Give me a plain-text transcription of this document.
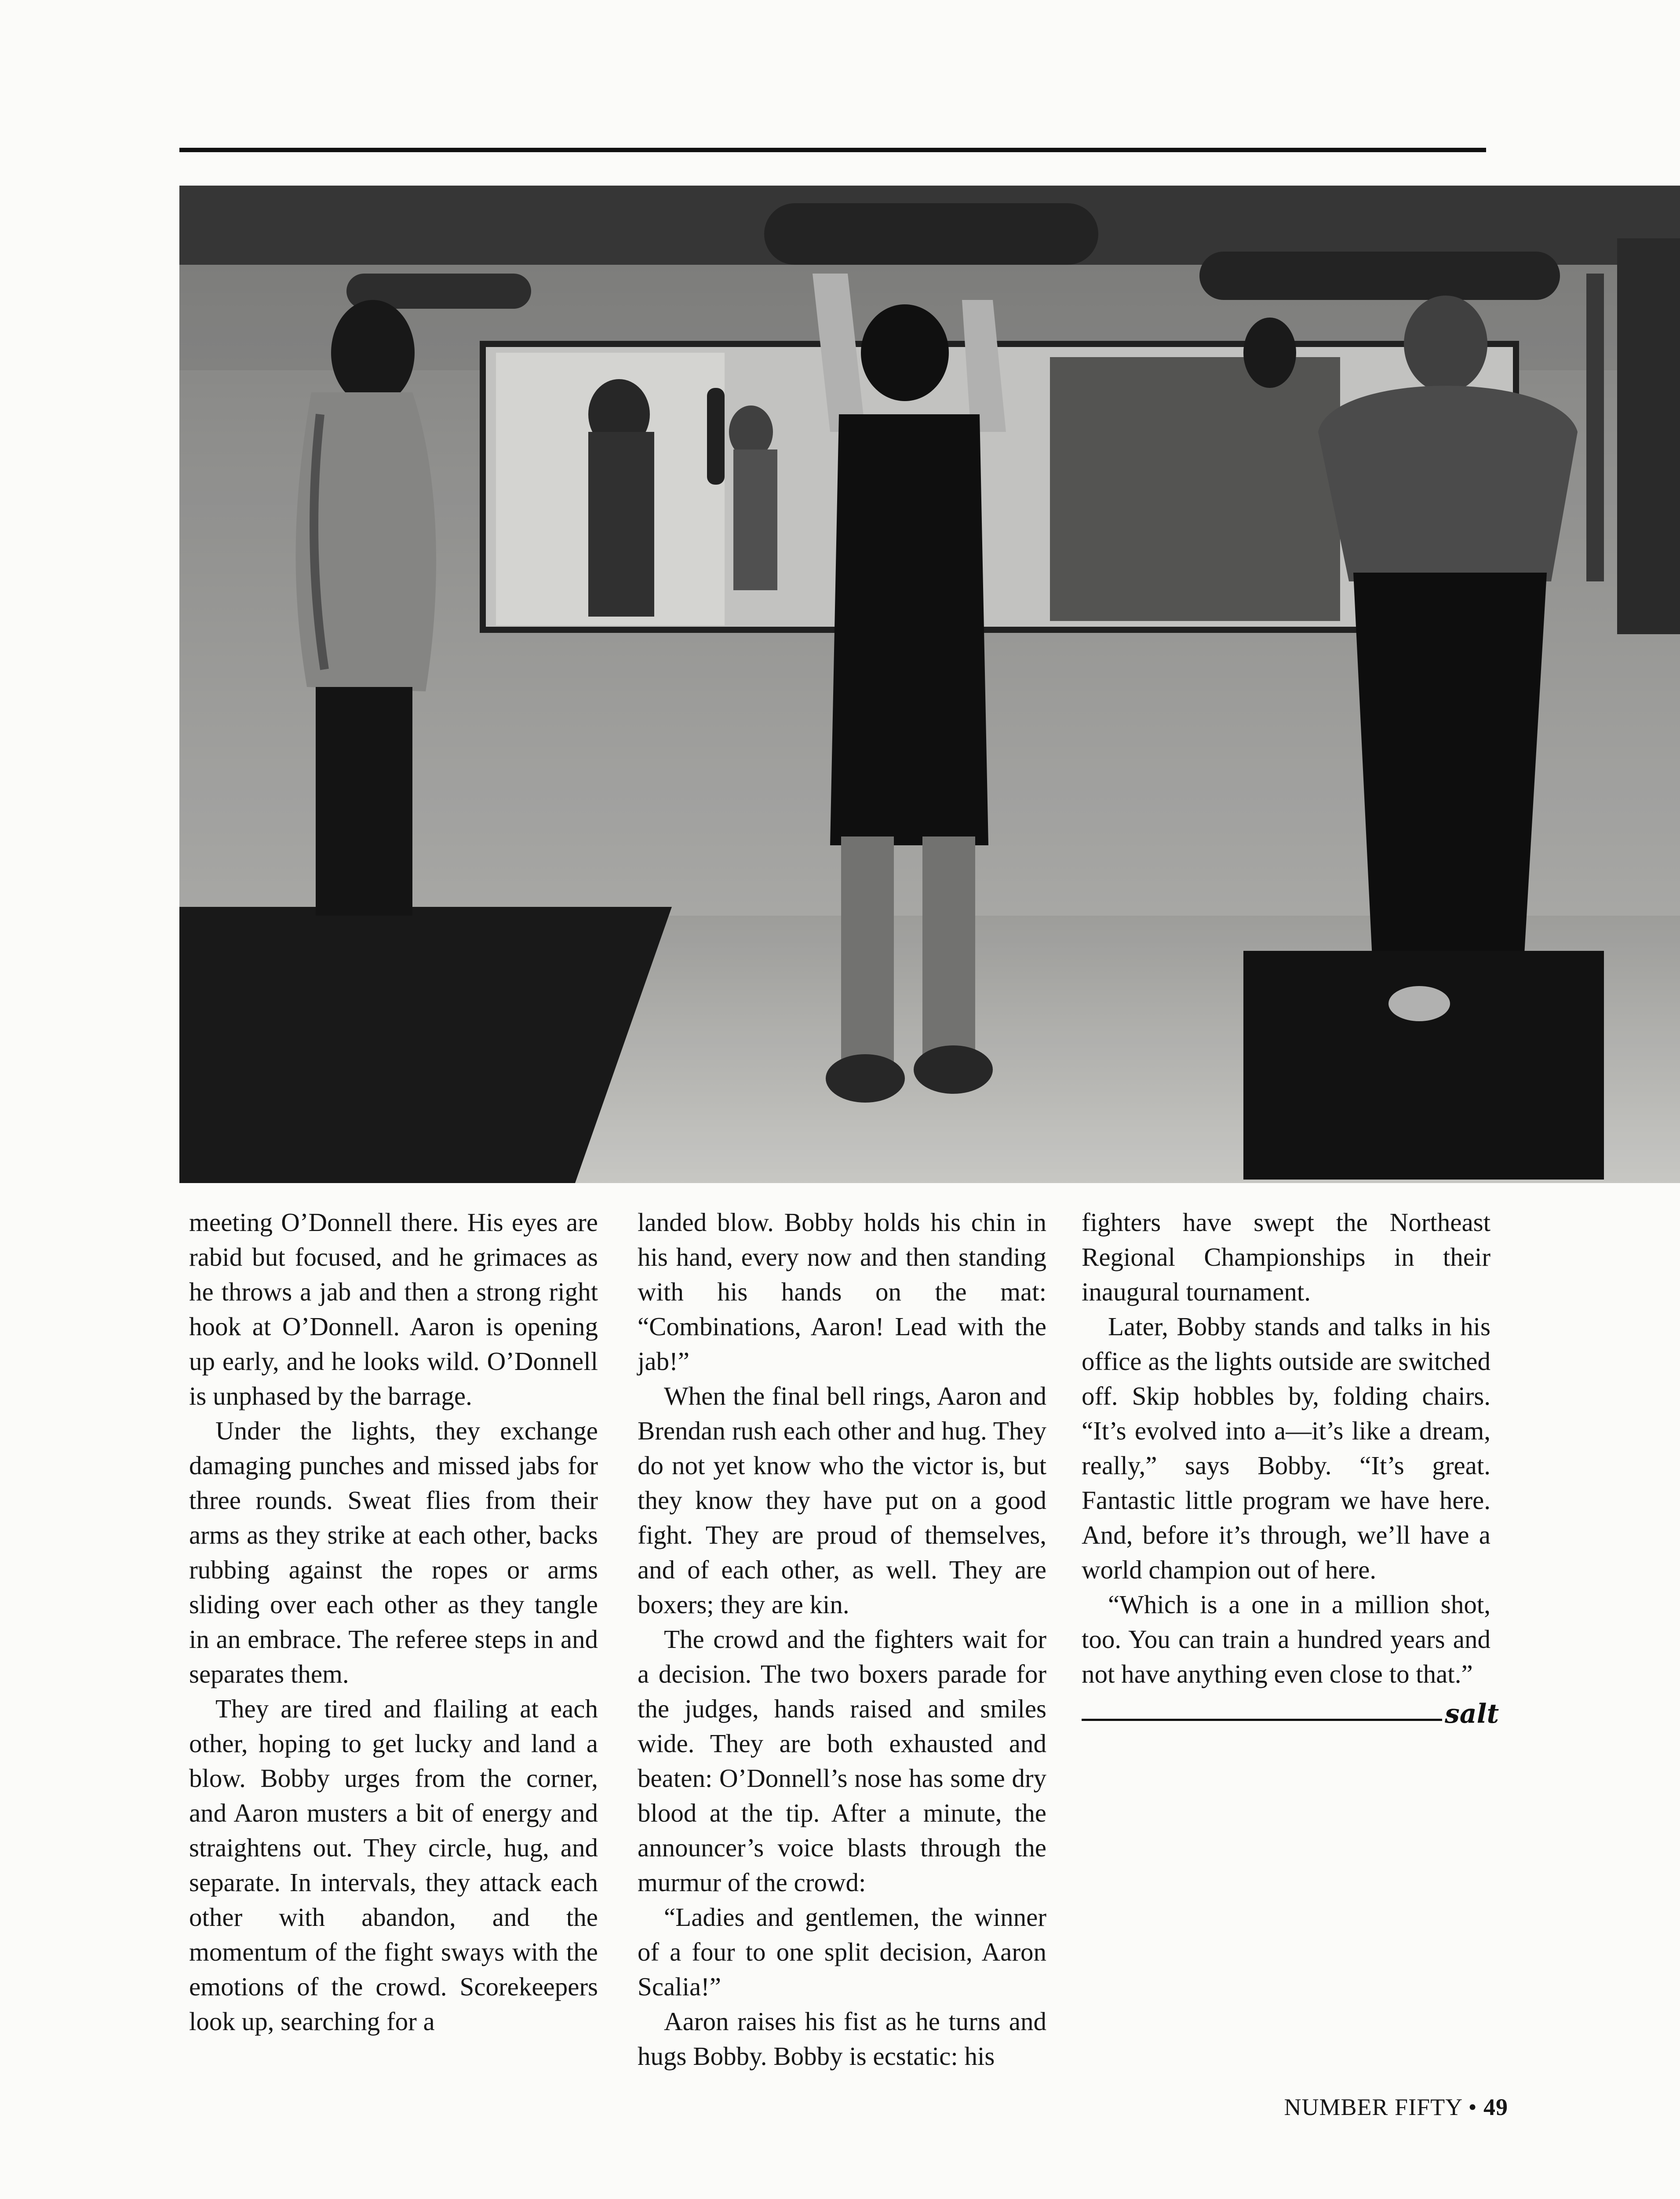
meeting O’Donnell there. His eyes are rabid but focused, and he grimaces as he throws a jab and then a strong right hook at O’Donnell. Aaron is opening up early, and he looks wild. O’Donnell is unphased by the barrage.

Under the lights, they exchange damaging punches and missed jabs for three rounds. Sweat flies from their arms as they strike at each other, backs rubbing against the ropes or arms sliding over each other as they tangle in an embrace. The referee steps in and separates them.

They are tired and flailing at each other, hoping to get lucky and land a blow. Bobby urges from the corner, and Aaron musters a bit of energy and straightens out. They circle, hug, and separate. In intervals, they attack each other with abandon, and the momentum of the fight sways with the emotions of the crowd. Scorekeepers look up, searching for a

landed blow. Bobby holds his chin in his hand, every now and then standing with his hands on the mat: “Combinations, Aaron! Lead with the jab!”

When the final bell rings, Aaron and Brendan rush each other and hug. They do not yet know who the victor is, but they know they have put on a good fight. They are proud of themselves, and of each other, as well. They are boxers; they are kin.

The crowd and the fighters wait for a decision. The two boxers parade for the judges, hands raised and smiles wide. They are both exhausted and beaten: O’Donnell’s nose has some dry blood at the tip. After a minute, the announcer’s voice blasts through the murmur of the crowd:

“Ladies and gentlemen, the winner of a four to one split decision, Aaron Scalia!”

Aaron raises his fist as he turns and hugs Bobby. Bobby is ecstatic: his

fighters have swept the Northeast Regional Championships in their inaugural tournament.

Later, Bobby stands and talks in his office as the lights outside are switched off. Skip hobbles by, folding chairs. “It’s evolved into a—it’s like a dream, really,” says Bobby. “It’s great. Fantastic little program we have here. And, before it’s through, we’ll have a world champion out of here.

“Which is a one in a million shot, too. You can train a hundred years and not have anything even close to that.”

salt
NUMBER FIFTY • 49
